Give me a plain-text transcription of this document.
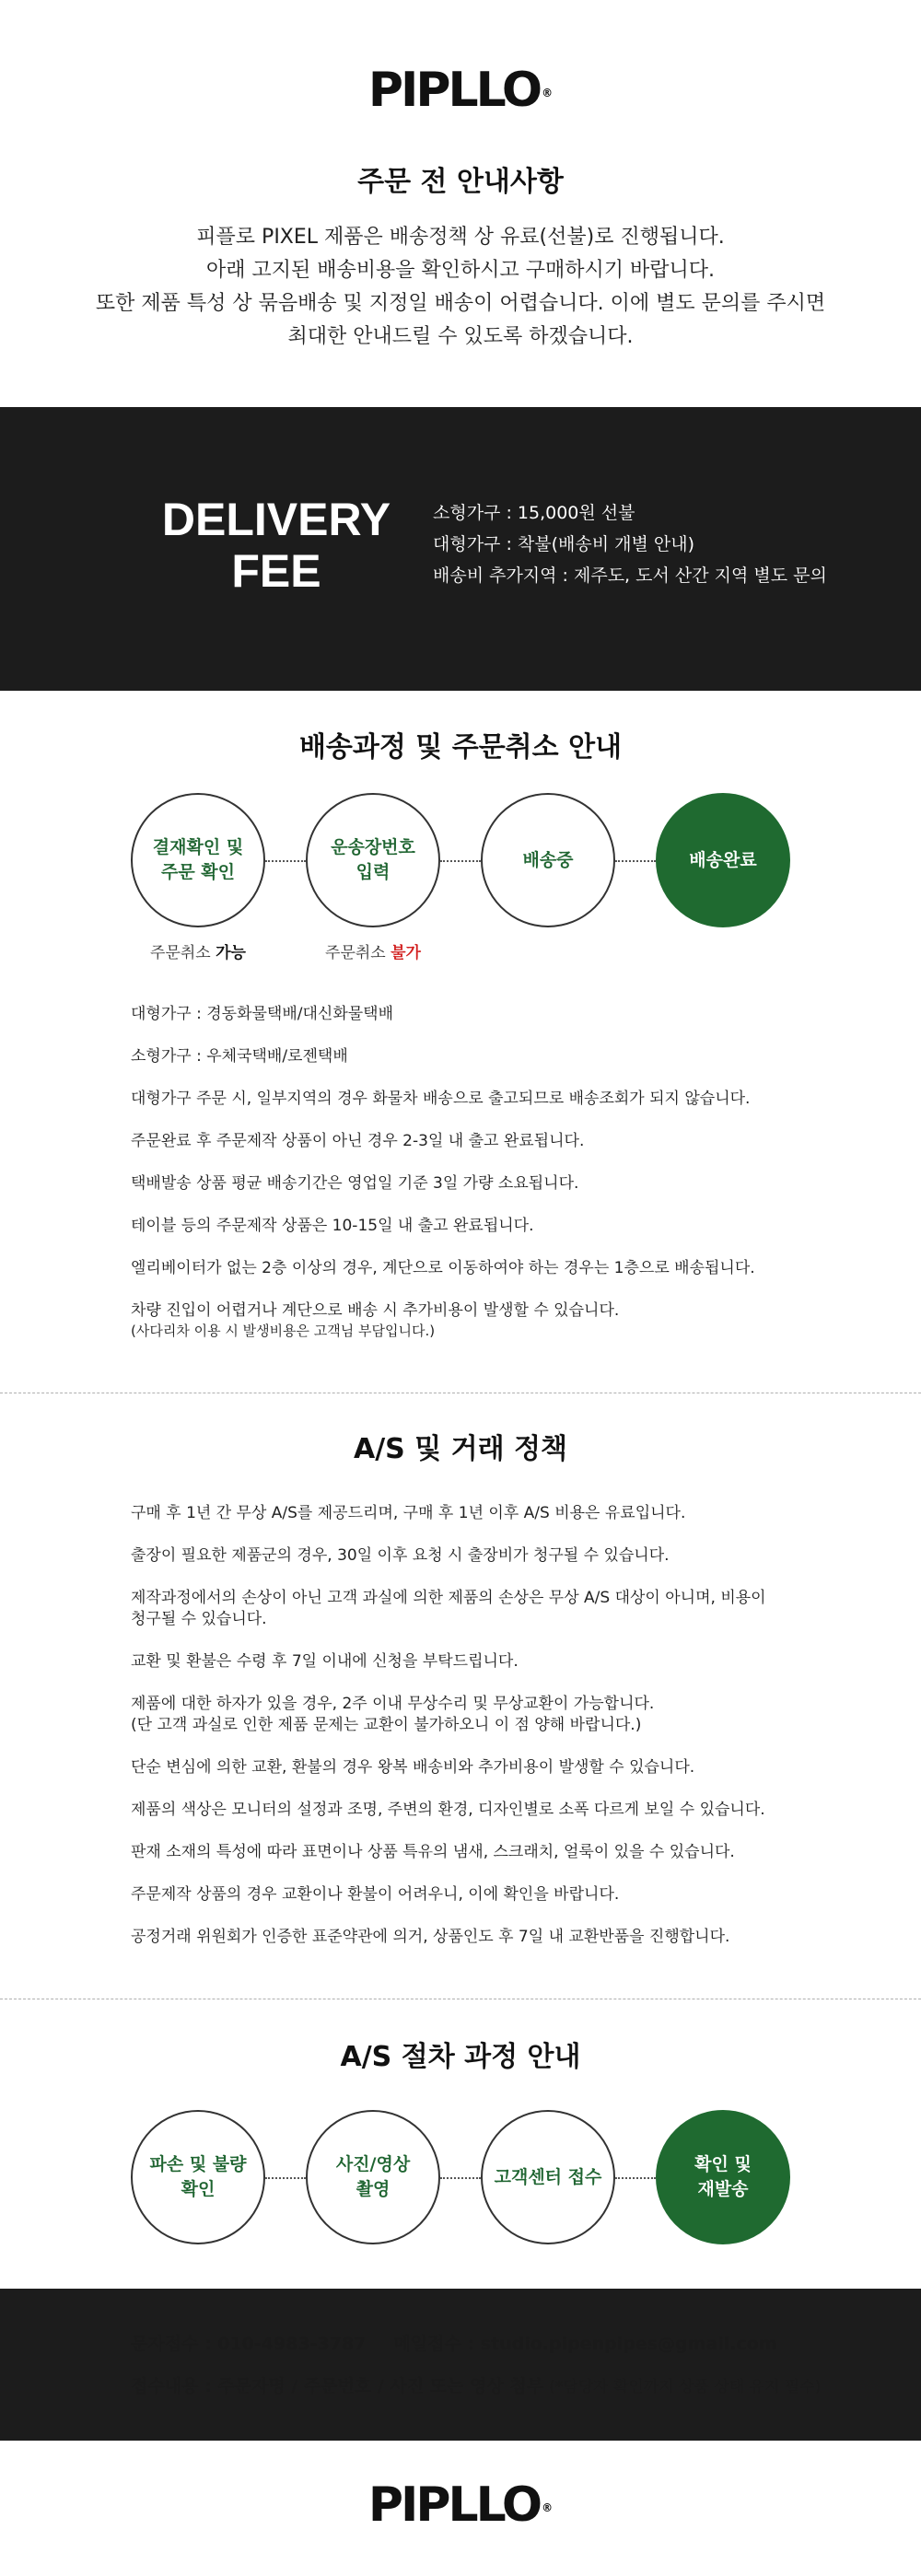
PIPLLO ®
주문 전 안내사항
피플로 PIXEL 제품은 배송정책 상 유료(선불)로 진행됩니다.
아래 고지된 배송비용을 확인하시고 구매하시기 바랍니다.
또한 제품 특성 상 묶음배송 및 지정일 배송이 어렵습니다. 이에 별도 문의를 주시면
최대한 안내드릴 수 있도록 하겠습니다.
DELIVERY
FEE
소형가구 : 15,000원 선불
대형가구 : 착불(배송비 개별 안내)
배송비 추가지역 : 제주도, 도서 산간 지역 별도 문의
배송과정 및 주문취소 안내
결재확인 및
주문 확인
운송장번호
입력
배송중	배송완료
주문취소 가능	주문취소 불가
대형가구 : 경동화물택배/대신화물택배
소형가구 : 우체국택배/로젠택배
대형가구 주문 시, 일부지역의 경우 화물차 배송으로 출고되므로 배송조회가 되지 않습니다.
주문완료 후 주문제작 상품이 아닌 경우 2-3일 내 출고 완료됩니다.
택배발송 상품 평균 배송기간은 영업일 기준 3일 가량 소요됩니다.
테이블 등의 주문제작 상품은 10-15일 내 출고 완료됩니다.
엘리베이터가 없는 2층 이상의 경우, 계단으로 이동하여야 하는 경우는 1층으로 배송됩니다.
차량 진입이 어렵거나 계단으로 배송 시 추가비용이 발생할 수 있습니다.
(사다리차 이용 시 발생비용은 고객님 부담입니다.)
A/S 및 거래 정책
구매 후 1년 간 무상 A/S를 제공드리며, 구매 후 1년 이후 A/S 비용은 유료입니다.
출장이 필요한 제품군의 경우, 30일 이후 요청 시 출장비가 청구될 수 있습니다.
제작과정에서의 손상이 아닌 고객 과실에 의한 제품의 손상은 무상 A/S 대상이 아니며, 비용이
청구될 수 있습니다.
교환 및 환불은 수령 후 7일 이내에 신청을 부탁드립니다.
제품에 대한 하자가 있을 경우, 2주 이내 무상수리 및 무상교환이 가능합니다.
(단 고객 과실로 인한 제품 문제는 교환이 불가하오니 이 점 양해 바랍니다.)
단순 변심에 의한 교환, 환불의 경우 왕복 배송비와 추가비용이 발생할 수 있습니다.
제품의 색상은 모니터의 설정과 조명, 주변의 환경, 디자인별로 소폭 다르게 보일 수 있습니다.
판재 소재의 특성에 따라 표면이나 상품 특유의 냄새, 스크래치, 얼룩이 있을 수 있습니다.
주문제작 상품의 경우 교환이나 환불이 어려우니, 이에 확인을 바랍니다.
공정거래 위원회가 인증한 표준약관에 의거, 상품인도 후 7일 내 교환반품을 진행합니다.
A/S 절차 과정 안내
파손 및 불량
확인
사진/영상
촬영
고객센터 접수
확인 및
재발송
문자접수 : 010-4983-3787 메일접수 : studio.pipenpipes@gmail.com
접수내용 : 주문자명 / 주문번호 / 사진 또는 영상 첨부 (*담당자 확인까지 상품 상태 유지 필수)
PIPLLO ®
